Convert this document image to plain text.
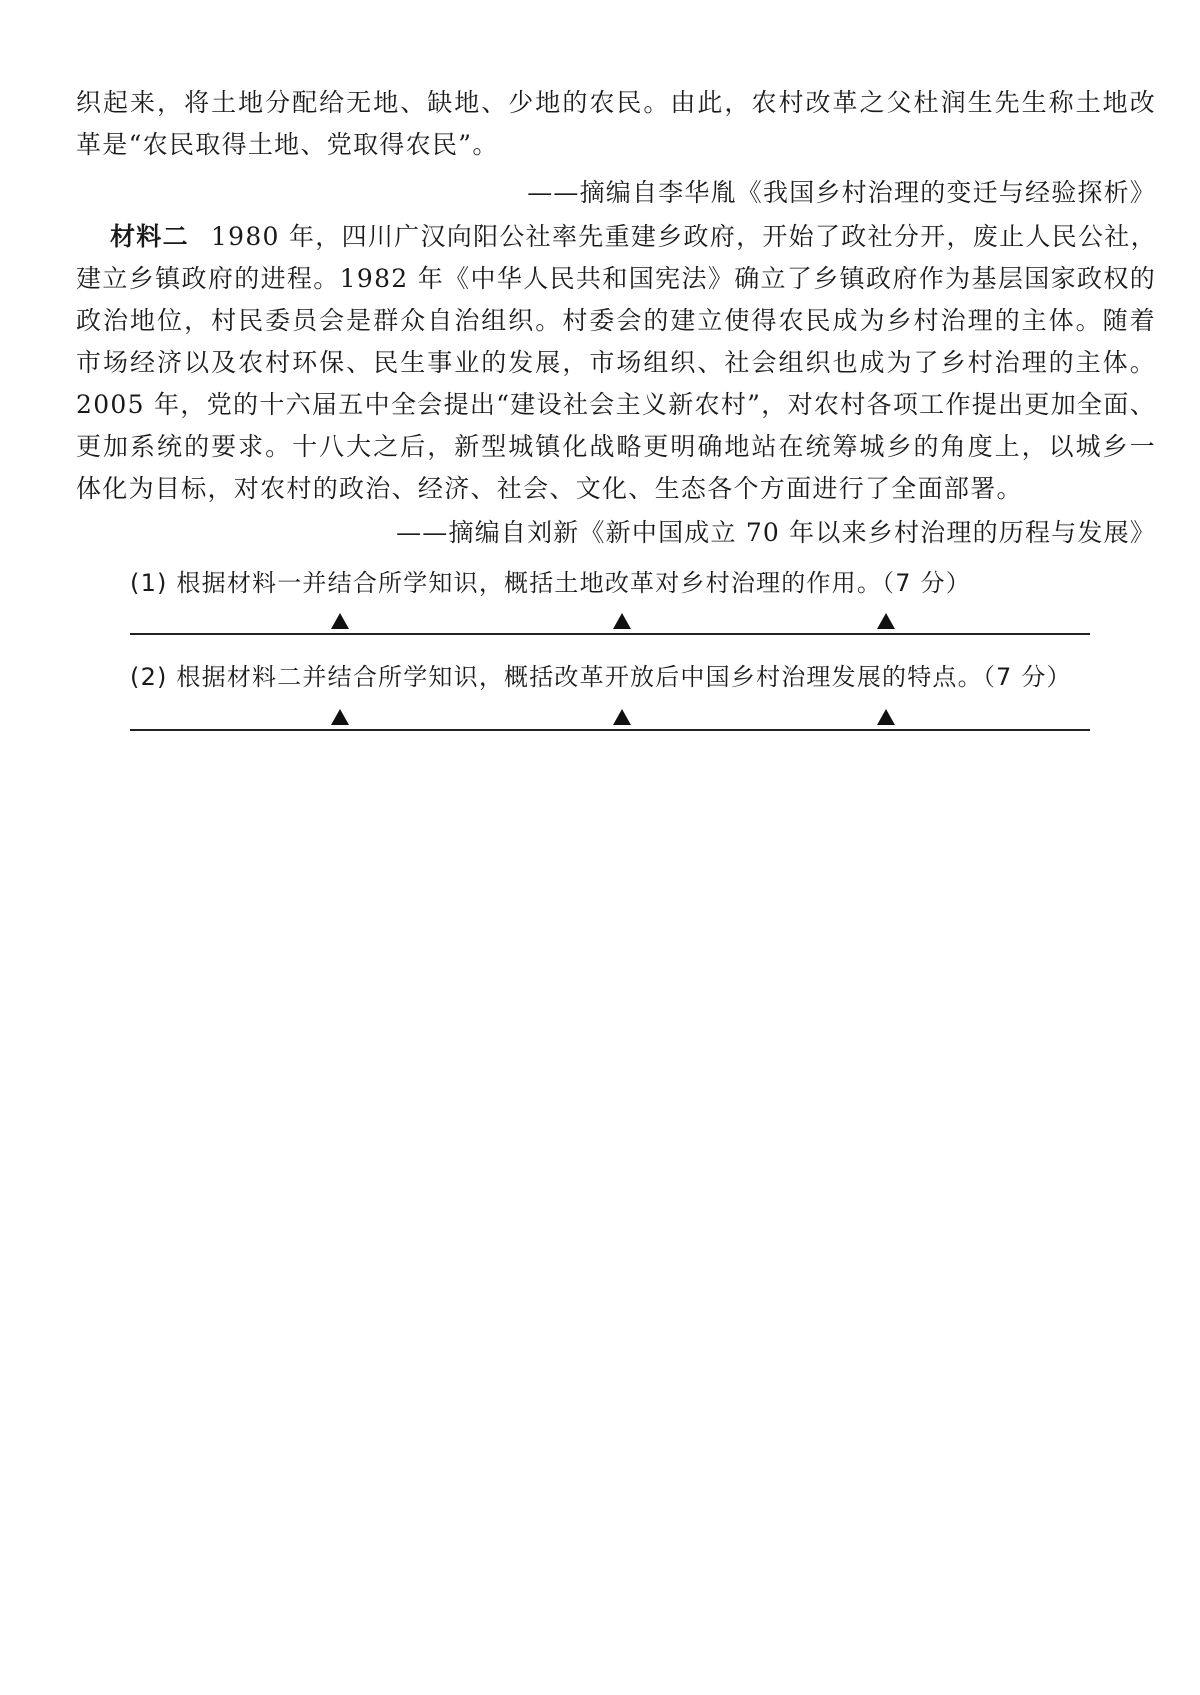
织起来，将土地分配给无地、缺地、少地的农民。由此，农村改革之父杜润生先生称土地改
革是“农民取得土地、党取得农民”。
——摘编自李华胤《我国乡村治理的变迁与经验探析》
材料二 1980 年，四川广汉向阳公社率先重建乡政府，开始了政社分开，废止人民公社，
建立乡镇政府的进程。1982 年《中华人民共和国宪法》确立了乡镇政府作为基层国家政权的
政治地位，村民委员会是群众自治组织。村委会的建立使得农民成为乡村治理的主体。随着
市场经济以及农村环保、民生事业的发展，市场组织、社会组织也成为了乡村治理的主体。
2005 年，党的十六届五中全会提出“建设社会主义新农村”，对农村各项工作提出更加全面、
更加系统的要求。十八大之后，新型城镇化战略更明确地站在统筹城乡的角度上，以城乡一
体化为目标，对农村的政治、经济、社会、文化、生态各个方面进行了全面部署。
——摘编自刘新《新中国成立 70 年以来乡村治理的历程与发展》
(1) 根据材料一并结合所学知识，概括土地改革对乡村治理的作用。（7 分）
(2) 根据材料二并结合所学知识，概括改革开放后中国乡村治理发展的特点。（7 分）
